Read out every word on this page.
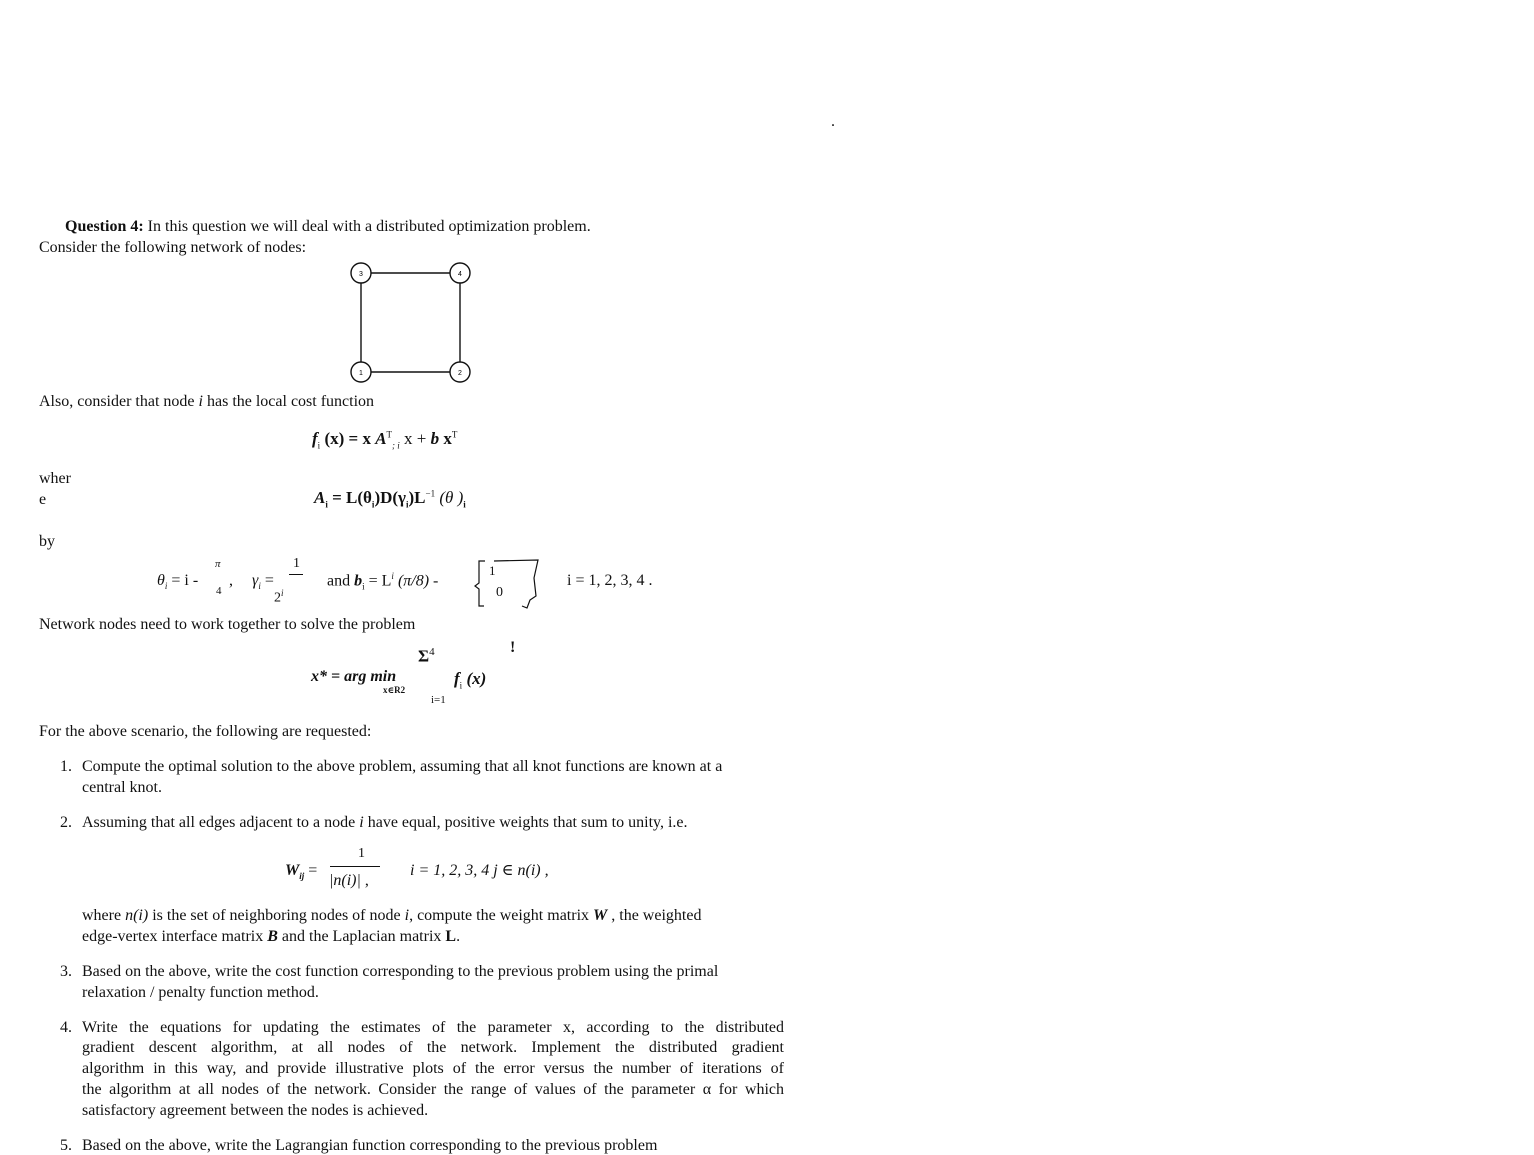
.
Question 4: In this question we will deal with a distributed optimization problem.
Consider the following network of nodes:
3	4
1	2
Also, consider that node i has the local cost function
$f_i$ (x) = x $A^T_{; i}$ x + b $x^T$
wher
e	$A_i = L(\theta_i)D(\gamma_i)L^{-1}$ (θ )$_i$
by
$\theta_i = i$ -
π
4
, $\gamma_i$ =
1
2$^i$
and $b_i = L^i$ (π/8) -
1
0
i = 1, 2, 3, 4 .
Network nodes need to work together to solve the problem
!
$\Sigma^4$
x* = arg min
x∈R2
$f_i$ (x)
i=1
For the above scenario, the following are requested:
1. Compute the optimal solution to the above problem, assuming that all knot functions are known at a
central knot.
2. Assuming that all edges adjacent to a node i have equal, positive weights that sum to unity, i.e.
1
$W_{ij}$ =
|n(i)| ,
i = 1, 2, 3, 4 j ∈ n(i) ,
where n(i) is the set of neighboring nodes of node i, compute the weight matrix W , the weighted
edge-vertex interface matrix B and the Laplacian matrix L.
3. Based on the above, write the cost function corresponding to the previous problem using the primal
relaxation / penalty function method.
4. Write the equations for updating the estimates of the parameter x, according to the distributed
gradient descent algorithm, at all nodes of the network. Implement the distributed gradient
algorithm in this way, and provide illustrative plots of the error versus the number of iterations of
the algorithm at all nodes of the network. Consider the range of values of the parameter α for which
satisfactory agreement between the nodes is achieved.
5. Based on the above, write the Lagrangian function corresponding to the previous problem
